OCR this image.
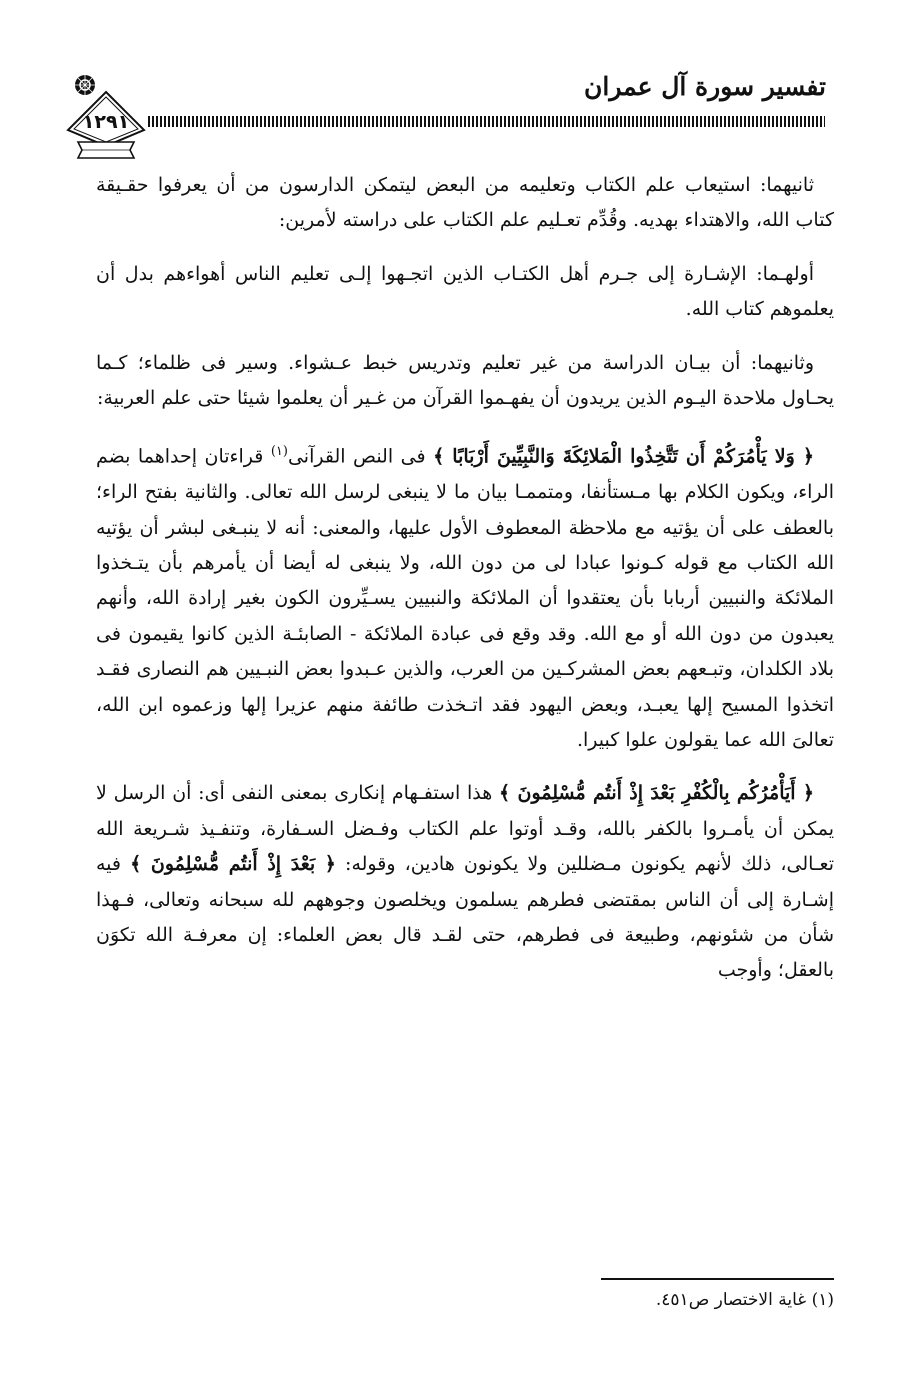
تفسير سورة آل عمران
١٢٩١

ثانيهما: استيعاب علم الكتاب وتعليمه من البعض ليتمكن الدارسون من أن يعرفوا حقـيقة كتاب الله، والاهتداء بهديه. وقُدِّم تعـليم علم الكتاب على دراسته لأمرين:

أولهـما: الإشـارة إلى جـرم أهل الكتـاب الذين اتجـهوا إلـى تعليم الناس أهواءهم بدل أن يعلموهم كتاب الله.

وثانيهما: أن بيـان الدراسة من غير تعليم وتدريس خبط عـشواء. وسير فى ظلماء؛ كـما يحـاول ملاحدة اليـوم الذين يريدون أن يفهـموا القرآن من غـير أن يعلموا شيئا حتى علم العربية:

﴿ وَلا يَأْمُرَكُمْ أَن تَتَّخِذُوا الْمَلائِكَةَ وَالنَّبِيِّينَ أَرْبَابًا ﴾ فى النص القرآنى$^{(١)}$ قراءتان إحداهما بضم الراء، ويكون الكلام بها مـستأنفا، ومتممـا بيان ما لا ينبغى لرسل الله تعالى. والثانية بفتح الراء؛ بالعطف على أن يؤتيه مع ملاحظة المعطوف الأول عليها، والمعنى: أنه لا ينبـغى لبشر أن يؤتيه الله الكتاب مع قوله كـونوا عبادا لى من دون الله، ولا ينبغى له أيضا أن يأمرهم بأن يتـخذوا الملائكة والنبيين أربابا بأن يعتقدوا أن الملائكة والنبيين يسـيِّرون الكون بغير إرادة الله، وأنهم يعبدون من دون الله أو مع الله. وقد وقع فى عبادة الملائكة - الصابئـة الذين كانوا يقيمون فى بلاد الكلدان، وتبـعهم بعض المشركـين من العرب، والذين عـبدوا بعض النبـيين هم النصارى فقـد اتخذوا المسيح إلها يعبـد، وبعض اليهود فقد اتـخذت طائفة منهم عزيرا إلها وزعموه ابن الله، تعالىَ الله عما يقولون علوا كبيرا.

﴿ أَيَأْمُرُكُم بِالْكُفْرِ بَعْدَ إِذْ أَنتُم مُّسْلِمُونَ ﴾ هذا استفـهام إنكارى بمعنى النفى أى: أن الرسل لا يمكن أن يأمـروا بالكفر بالله، وقـد أوتوا علم الكتاب وفـضل السـفارة، وتنفـيذ شـريعة الله تعـالى، ذلك لأنهم يكونون مـضللين ولا يكونون هادين، وقوله: ﴿ بَعْدَ إِذْ أَنتُم مُّسْلِمُونَ ﴾ فيه إشـارة إلى أن الناس بمقتضى فطرهم يسلمون ويخلصون وجوههم لله سبحانه وتعالى، فـهذا شأن من شئونهم، وطبيعة فى فطرهم، حتى لقـد قال بعض العلماء: إن معرفـة الله تكوَن بالعقل؛ وأوجب

(١) غاية الاختصار ص٤٥١.
